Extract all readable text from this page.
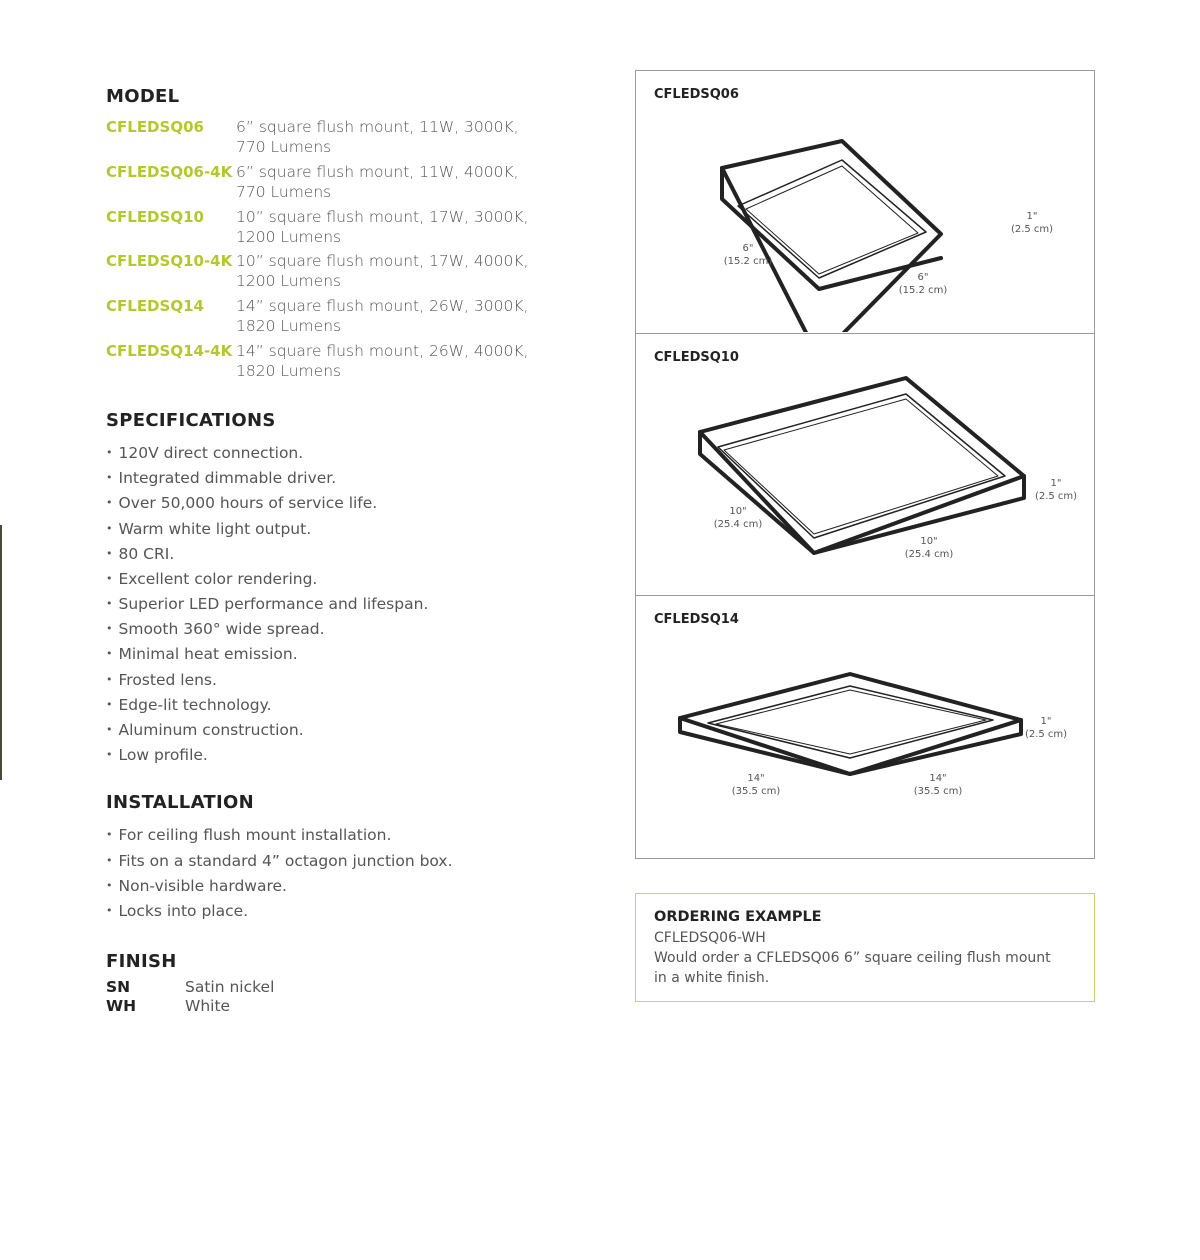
MODEL
CFLEDSQ06	6” square flush mount, 11W, 3000K, 770 Lumens
CFLEDSQ06-4K 6” square flush mount, 11W, 4000K, 770 Lumens
CFLEDSQ10	10” square flush mount, 17W, 3000K, 1200 Lumens
CFLEDSQ10-4K 10” square flush mount, 17W, 4000K, 1200 Lumens
CFLEDSQ14	14” square flush mount, 26W, 3000K, 1820 Lumens
CFLEDSQ14-4K 14” square flush mount, 26W, 4000K, 1820 Lumens
SPECIFICATIONS
• 120V direct connection.
• Integrated dimmable driver.
• Over 50,000 hours of service life.
• Warm white light output.
• 80 CRI.
• Excellent color rendering.
• Superior LED performance and lifespan.
• Smooth 360° wide spread.
• Minimal heat emission.
• Frosted lens.
• Edge-lit technology.
• Aluminum construction.
• Low profile.
INSTALLATION
• For ceiling flush mount installation.
• Fits on a standard 4” octagon junction box.
• Non-visible hardware.
• Locks into place.
FINISH
SN	Satin nickel
WH	White
CFLEDSQ06
6"
(15.2 cm)
6"
(15.2 cm)
1"
(2.5 cm)
CFLEDSQ10
10"
(25.4 cm)
10"
(25.4 cm)
1"
(2.5 cm)
CFLEDSQ14
14"
(35.5 cm)
14"
(35.5 cm)
1"
(2.5 cm)
ORDERING EXAMPLE
CFLEDSQ06-WH
Would order a CFLEDSQ06 6” square ceiling flush mount
in a white finish.
